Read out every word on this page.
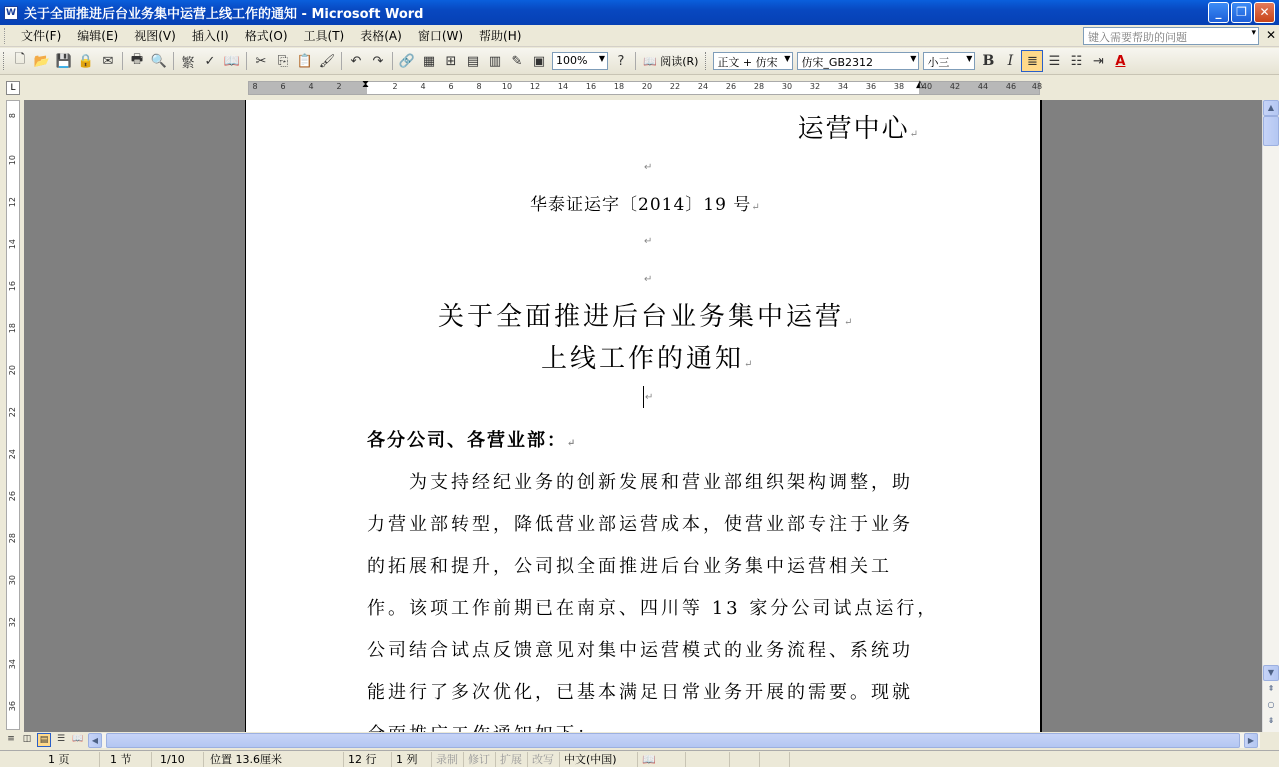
W 关于全面推进后台业务集中运营上线工作的通知 - Microsoft Word	_	❐	✕
文件(F)	编辑(E)	视图(V)	插入(I)	格式(O)	工具(T)	表格(A)	窗口(W)	帮助(H)	键入需要帮助的问题	▾ ✕
🗋 📂 💾 🔒 ✉	🖶 🔍	繁 ✓ 📖	✂ ⎘ 📋 🖌	↶ ↷	🔗 ▦ ⊞ ▤ ▥ ✎ ▣ 100% ▼ ?	📖 阅读(R)	正文 + 仿宋 ▼	仿宋_GB2312	▼	小三 ▼ B I	≣ ☰ ☷ ⇥ A
L	8	6	4	2	2	4	6	8	10 12 14 16 18 20 22 24 26 28 30 32 34 36 38 40 42 44 46 48
⧗	◭
8
10
12
14
16
18
20
22
24
26
28
30
32
34
36
运营中心↵
↵
华泰证运字〔2014〕19 号↵
↵
↵
关于全面推进后台业务集中运营↵
上线工作的通知↵
↵
各分公司、各营业部：↵
　　为支持经纪业务的创新发展和营业部组织架构调整，助
力营业部转型，降低营业部运营成本，使营业部专注于业务
的拓展和提升，公司拟全面推进后台业务集中运营相关工
作。该项工作前期已在南京、四川等 13 家分公司试点运行，
公司结合试点反馈意见对集中运营模式的业务流程、系统功
能进行了多次优化，已基本满足日常业务开展的需要。现就
▲
▼
⇞
○
⇟
≡ ◫ ▤ ☰ 📖	◀	▶
1 页	1 节	1/10	位置 13.6厘米	12 行	1 列	录制 修订 扩展 改写 中文(中国)	📖
